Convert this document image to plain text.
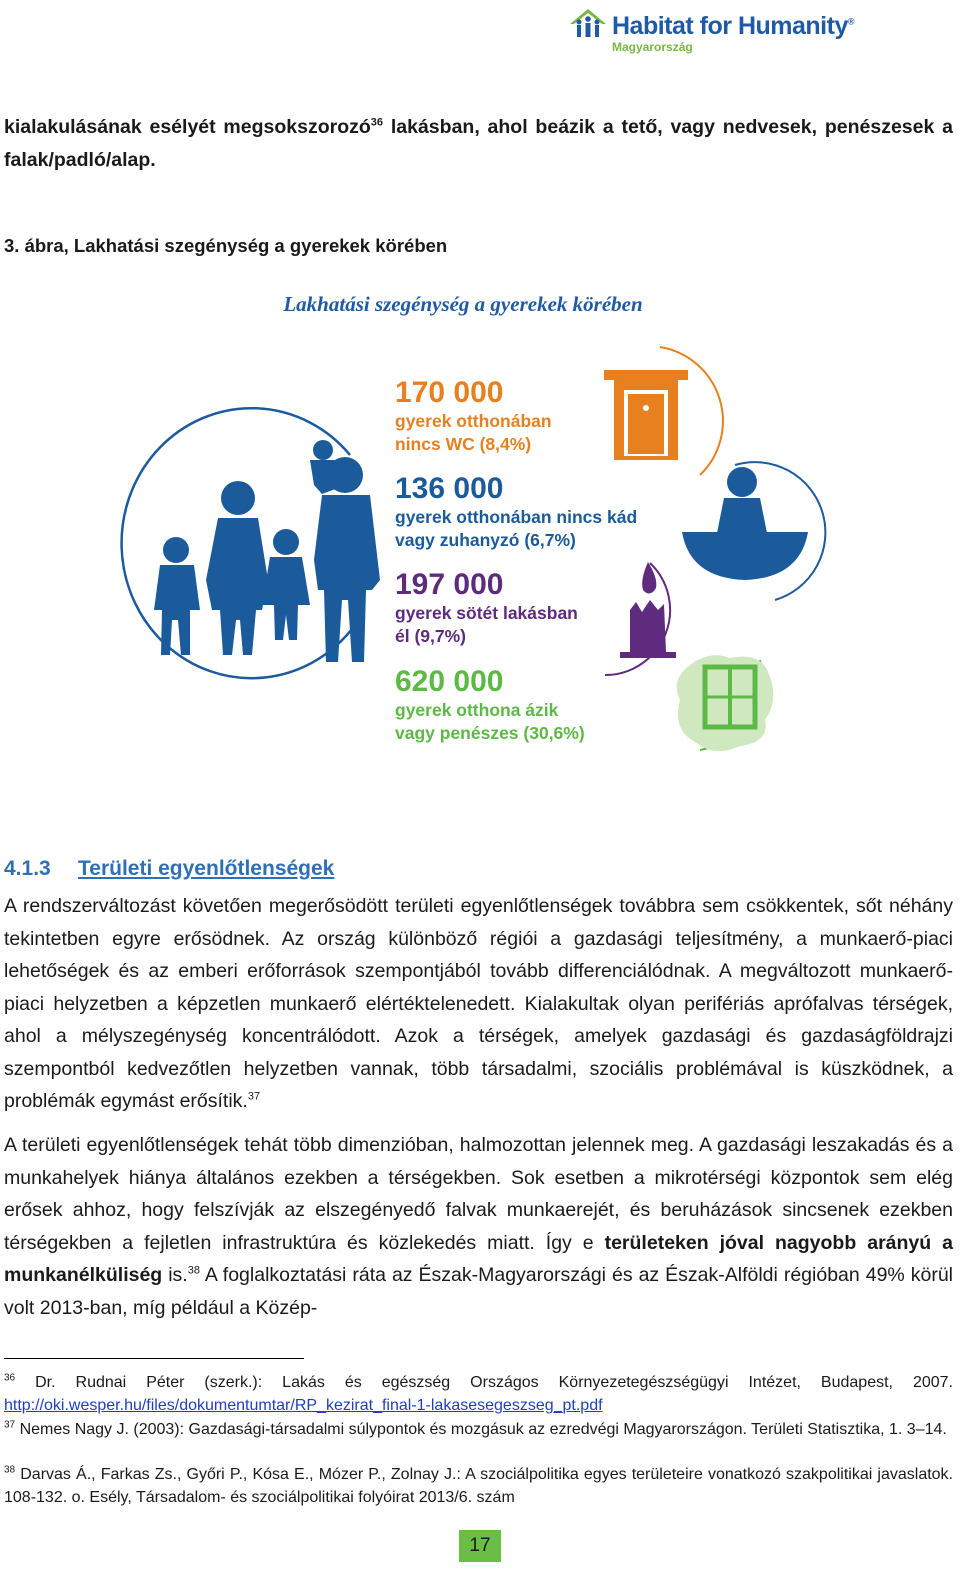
Habitat for Humanity®
Magyarország

kialakulásának esélyét megsokszorozó$^{36}$ lakásban, ahol beázik a tető, vagy nedvesek, penészesek a falak/padló/alap.

3. ábra, Lakhatási szegénység a gyerekek körében
Lakhatási szegénység a gyerekek körében
170 000
gyerek otthonában
nincs WC (8,4%)
136 000
gyerek otthonában nincs kád
vagy zuhanyzó (6,7%)
197 000
gyerek sötét lakásban
él (9,7%)
620 000
gyerek otthona ázik
vagy penészes (30,6%)
4.1.3 Területi egyenlőtlenségek

A rendszerváltozást követően megerősödött területi egyenlőtlenségek továbbra sem csökkentek, sőt néhány tekintetben egyre erősödnek. Az ország különböző régiói a gazdasági teljesítmény, a munkaerő-piaci lehetőségek és az emberi erőforrások szempontjából tovább differenciálódnak. A megváltozott munkaerő-piaci helyzetben a képzetlen munkaerő elértéktelenedett. Kialakultak olyan perifériás aprófalvas térségek, ahol a mélyszegénység koncentrálódott. Azok a térségek, amelyek gazdasági és gazdaságföldrajzi szempontból kedvezőtlen helyzetben vannak, több társadalmi, szociális problémával is küszködnek, a problémák egymást erősítik.$^{37}$

A területi egyenlőtlenségek tehát több dimenzióban, halmozottan jelennek meg. A gazdasági leszakadás és a munkahelyek hiánya általános ezekben a térségekben. Sok esetben a mikrotérségi központok sem elég erősek ahhoz, hogy felszívják az elszegényedő falvak munkaerejét, és beruházások sincsenek ezekben térségekben a fejletlen infrastruktúra és közlekedés miatt. Így e területeken jóval nagyobb arányú a munkanélküliség is.$^{38}$ A foglalkoztatási ráta az Észak-Magyarországi és az Észak-Alföldi régióban 49% körül volt 2013-ban, míg például a Közép-

$^{36}$ Dr. Rudnai Péter (szerk.): Lakás és egészség Országos Környezetegészségügyi Intézet, Budapest, 2007. http://oki.wesper.hu/files/dokumentumtar/RP_kezirat_final-1-lakasesegeszseg_pt.pdf

$^{37}$ Nemes Nagy J. (2003): Gazdasági-társadalmi súlypontok és mozgásuk az ezredvégi Magyarországon. Területi Statisztika, 1. 3–14.

$^{38}$ Darvas Á., Farkas Zs., Győri P., Kósa E., Mózer P., Zolnay J.: A szociálpolitika egyes területeire vonatkozó szakpolitikai javaslatok. 108-132. o. Esély, Társadalom- és szociálpolitikai folyóirat 2013/6. szám

17
